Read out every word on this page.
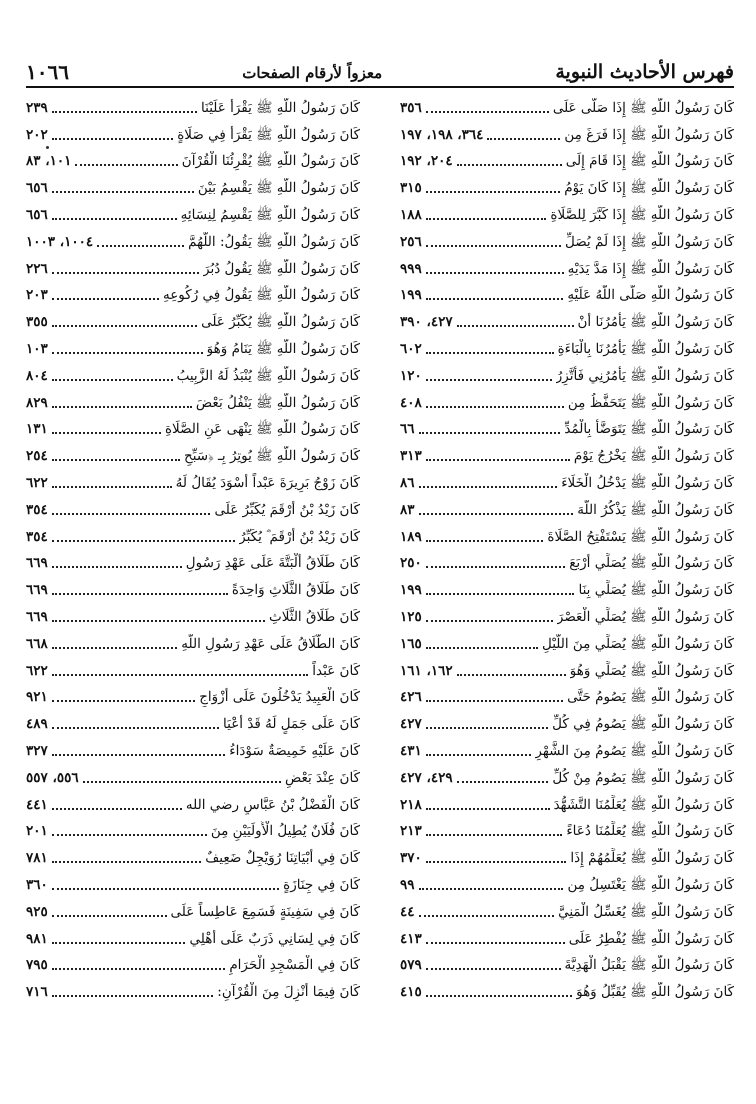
فهرس الأحاديث النبوية
معزواً لأرقام الصفحات
١٠٦٦
كَانَ رَسُولُ اللَّهِ ﷺ إِذَا صَلَّى عَلَى
٣٥٦
كَانَ رَسُولُ اللَّهِ ﷺ إِذَا فَرَغَ مِن
٣٦٤، ١٩٨، ١٩٧
كَانَ رَسُولُ اللَّهِ ﷺ إِذَا قَامَ إِلَى
٢٠٤، ١٩٢
كَانَ رَسُولُ اللَّهِ ﷺ إِذَا كَانَ يَوْمُ
٣١٥
كَانَ رَسُولُ اللَّهِ ﷺ إِذَا كَبَّرَ لِلصَّلَاةِ
١٨٨
كَانَ رَسُولُ اللَّهِ ﷺ إِذَا لَمْ يُصَلِّ
٢٥٦
كَانَ رَسُولُ اللَّهِ ﷺ إِذَا مَدَّ يَدَيْهِ
٩٩٩
كَانَ رَسُولُ اللَّهِ صَلَّى اللَّهُ عَلَيْهِ
١٩٩
كَانَ رَسُولُ اللَّهِ ﷺ يَأْمُرُنَا أَنْ
٤٢٧، ٣٩٠
كَانَ رَسُولُ اللَّهِ ﷺ يَأْمُرُنَا بِالْبَاءَةِ
٦٠٢
كَانَ رَسُولُ اللَّهِ ﷺ يَأْمُرُنِي فَأَتَّزِرُ
١٢٠
كَانَ رَسُولُ اللَّهِ ﷺ يَتَحَفَّظُ مِن
٤٠٨
كَانَ رَسُولُ اللَّهِ ﷺ يَتَوَضَّأُ بِالْمُدِّ
٦٦
كَانَ رَسُولُ اللَّهِ ﷺ يَخْرُجُ يَوْمَ
٣١٣
كَانَ رَسُولُ اللَّهِ ﷺ يَدْخُلُ الْخَلَاءَ
٨٦
كَانَ رَسُولُ اللَّهِ ﷺ يَذْكُرُ اللَّهَ
٨٣
كَانَ رَسُولُ اللَّهِ ﷺ يَسْتَفْتِحُ الصَّلَاةَ
١٨٩
كَانَ رَسُولُ اللَّهِ ﷺ يُصَلِّي أَرْبَعَ
٢٥٠
كَانَ رَسُولُ اللَّهِ ﷺ يُصَلِّي بِنَا
١٩٩
كَانَ رَسُولُ اللَّهِ ﷺ يُصَلِّي الْعَصْرَ
١٢٥
كَانَ رَسُولُ اللَّهِ ﷺ يُصَلِّي مِنَ اللَّيْلِ
١٦٥
كَانَ رَسُولُ اللَّهِ ﷺ يُصَلِّي وَهُوَ
١٦٢، ١٦١
كَانَ رَسُولُ اللَّهِ ﷺ يَصُومُ حَتَّى
٤٢٦
كَانَ رَسُولُ اللَّهِ ﷺ يَصُومُ فِي كُلِّ
٤٢٧
كَانَ رَسُولُ اللَّهِ ﷺ يَصُومُ مِنَ الشَّهْرِ
٤٣١
كَانَ رَسُولُ اللَّهِ ﷺ يَصُومُ مِنْ كُلِّ
٤٢٩، ٤٢٧
كَانَ رَسُولُ اللَّهِ ﷺ يُعَلِّمُنَا التَّشَهُّدَ
٢١٨
كَانَ رَسُولُ اللَّهِ ﷺ يُعَلِّمُنَا دُعَاءً
٢١٣
كَانَ رَسُولُ اللَّهِ ﷺ يُعَلِّمُهُمْ إِذَا
٣٧٠
كَانَ رَسُولُ اللَّهِ ﷺ يَغْتَسِلُ مِن
٩٩
كَانَ رَسُولُ اللَّهِ ﷺ يُغَسِّلُ الْمَنِيَّ
٤٤
كَانَ رَسُولُ اللَّهِ ﷺ يُفْطِرُ عَلَى
٤١٣
كَانَ رَسُولُ اللَّهِ ﷺ يَقْبَلُ الْهَدِيَّةَ
٥٧٩
كَانَ رَسُولُ اللَّهِ ﷺ يُقَبِّلُ وَهُوَ
٤١٥
كَانَ رَسُولُ اللَّهِ ﷺ يَقْرَأُ عَلَيْنَا
٢٣٩
كَانَ رَسُولُ اللَّهِ ﷺ يَقْرَأُ فِي صَلَاةٍ
٢٠٢
كَانَ رَسُولُ اللَّهِ ﷺ يُقْرِئُنَا الْقُرْآنَ
١٠١، ٨٣
كَانَ رَسُولُ اللَّهِ ﷺ يَقْسِمُ بَيْنَ
٦٥٦
كَانَ رَسُولُ اللَّهِ ﷺ يَقْسِمُ لِنِسَائِهِ
٦٥٦
كَانَ رَسُولُ اللَّهِ ﷺ يَقُولُ: اللَّهُمَّ
١٠٠٤، ١٠٠٣
كَانَ رَسُولُ اللَّهِ ﷺ يَقُولُ دُبُرَ
٢٢٦
كَانَ رَسُولُ اللَّهِ ﷺ يَقُولُ فِي رُكُوعِهِ
٢٠٣
كَانَ رَسُولُ اللَّهِ ﷺ يُكَبِّرُ عَلَى
٣٥٥
كَانَ رَسُولُ اللَّهِ ﷺ يَنَامُ وَهُوَ
١٠٣
كَانَ رَسُولُ اللَّهِ ﷺ يُنْبَذُ لَهُ الزَّبِيبُ
٨٠٤
كَانَ رَسُولُ اللَّهِ ﷺ يَنْفُلُ بَعْضَ
٨٢٩
كَانَ رَسُولُ اللَّهِ ﷺ يَنْهَى عَنِ الصَّلَاةِ
١٣١
كَانَ رَسُولُ اللَّهِ ﷺ يُوتِرُ بِـ ﴿سَبِّحِ
٢٥٤
كَانَ زَوْجُ بَرِيرَةَ عَبْداً أَسْوَدَ يُقَالُ لَهُ
٦٢٢
كَانَ زَيْدُ بْنُ أَرْقَمَ يُكَبِّرُ عَلَى
٣٥٤
كَانَ زَيْدُ بْنُ أَرْقَمَ ؓ يُكَبِّرُ
٣٥٤
كَانَ طَلَاقُ أَلْبَتَّةَ عَلَى عَهْدِ رَسُولِ
٦٦٩
كَانَ طَلَاقُ الثَّلَاثِ وَاحِدَةً
٦٦٩
كَانَ طَلَاقُ الثَّلَاثِ
٦٦٩
كَانَ الطَّلَاقُ عَلَى عَهْدِ رَسُولِ اللَّهِ
٦٦٨
كَانَ عَبْداً
٦٢٢
كَانَ الْعَبِيدُ يَدْخُلُونَ عَلَى أَزْوَاجِ
٩٢١
كَانَ عَلَى جَمَلٍ لَهُ قَدْ أَعْيَا
٤٨٩
كَانَ عَلَيْهِ خَمِيصَةٌ سَوْدَاءُ
٣٢٧
كَانَ عِنْدَ بَعْضِ
٥٥٦، ٥٥٧
كَانَ الْفَضْلُ بْنُ عَبَّاسٍ رضي الله
٤٤١
كَانَ فُلَانٌ يُطِيلُ الْأُولَيَيْنِ مِنَ
٢٠١
كَانَ فِي أَبْيَاتِنَا رُوَيْجِلٌ ضَعِيفٌ
٧٨١
كَانَ فِي جِنَازَةٍ
٣٦٠
كَانَ فِي سَفِينَةٍ فَسَمِعَ عَاطِساً عَلَى
٩٢٥
كَانَ فِي لِسَانِي ذَرَبٌ عَلَى أَهْلِي
٩٨١
كَانَ فِي الْمَسْجِدِ الْحَرَامِ
٧٩٥
كَانَ فِيمَا أُنْزِلَ مِنَ الْقُرْآنِ:
٧١٦
